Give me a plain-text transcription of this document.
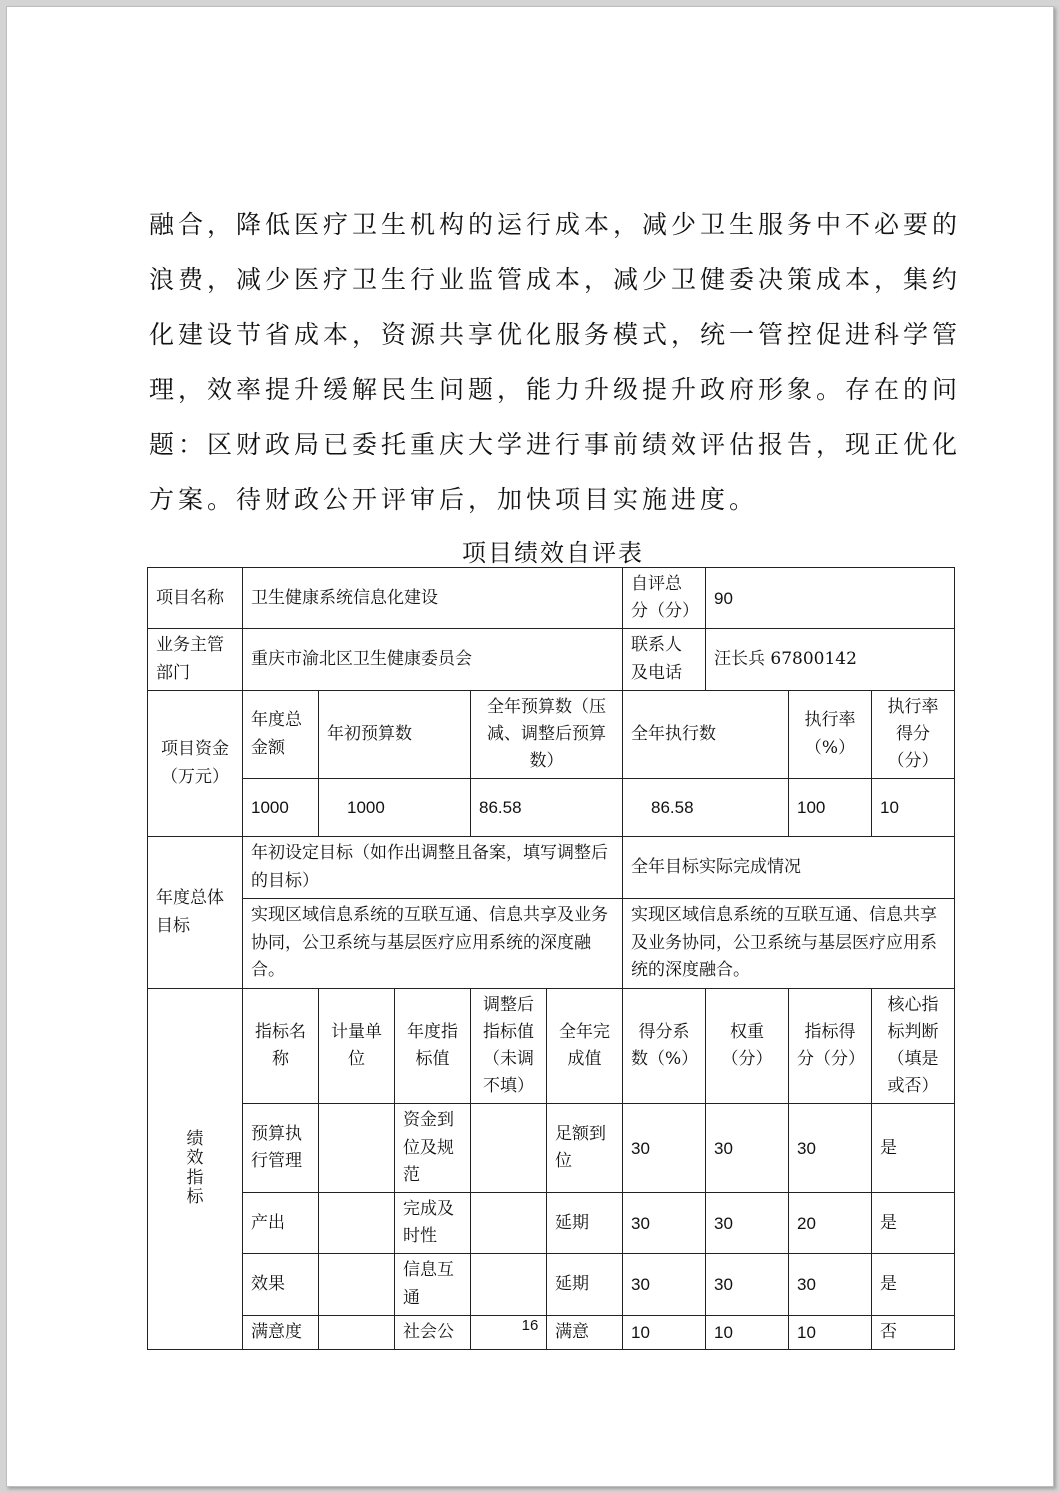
融合，降低医疗卫生机构的运行成本，减少卫生服务中不必要的
浪费，减少医疗卫生行业监管成本，减少卫健委决策成本，集约
化建设节省成本，资源共享优化服务模式，统一管控促进科学管
理，效率提升缓解民生问题，能力升级提升政府形象。存在的问
题：区财政局已委托重庆大学进行事前绩效评估报告，现正优化
方案。待财政公开评审后，加快项目实施进度。
项目绩效自评表
项目名称	卫生健康系统信息化建设					自评总分（分）	90		
业务主管部门	重庆市渝北区卫生健康委员会					联系人及电话	汪长兵 67800142		
项目资金（万元）	年度总金额	年初预算数		全年预算数（压减、调整后预算数）		全年执行数		执行率（%）	执行率得分（分）
	1000	1000		86.58		86.58		100	10
年度总体目标	年初设定目标（如作出调整且备案，填写调整后的目标）					全年目标实际完成情况			
	实现区域信息系统的互联互通、信息共享及业务协同，公卫系统与基层医疗应用系统的深度融合。					实现区域信息系统的互联互通、信息共享及业务协同，公卫系统与基层医疗应用系统的深度融合。			

绩效指标	指标名称	计量单位	年度指标值	调整后指标值（未调不填）	全年完成值	得分系数（%）	权重（分）	指标得分（分）	核心指标判断（填是或否）
	预算执行管理		资金到位及规范		足额到位	30	30	30	是
	产出		完成及时性		延期	30	30	20	是
	效果		信息互通		延期	30	30	30	是
	满意度		社会公		满意	10	10	10	否
16
